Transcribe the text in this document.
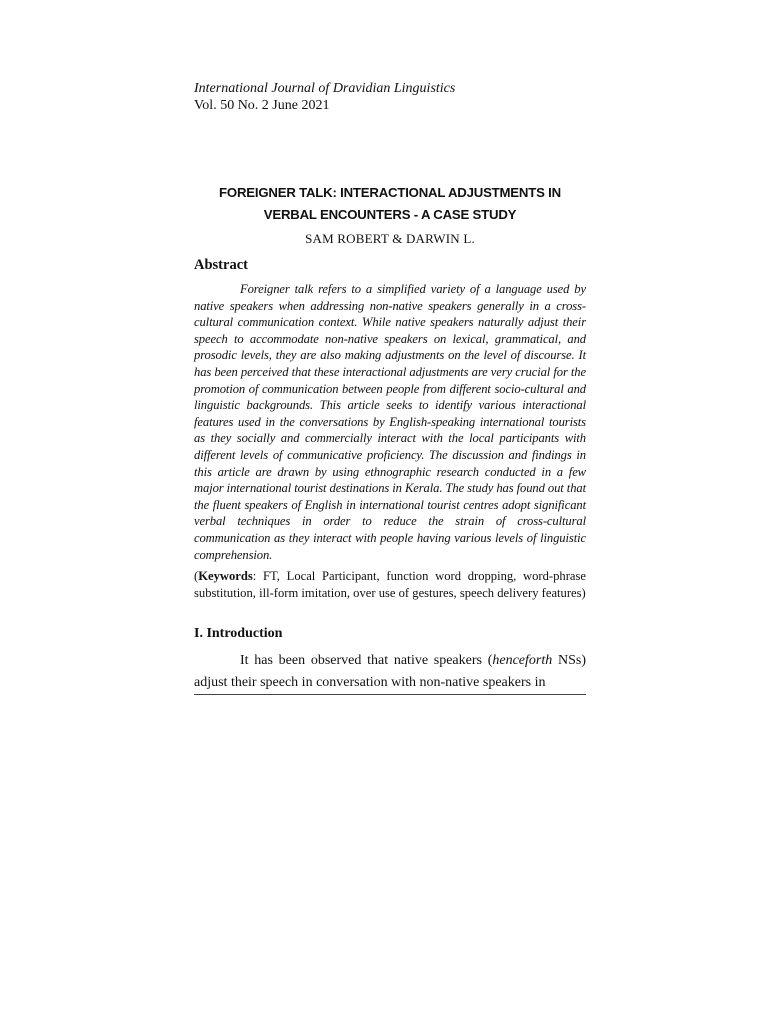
International Journal of Dravidian Linguistics
Vol. 50 No. 2 June 2021
FOREIGNER TALK: INTERACTIONAL ADJUSTMENTS IN
VERBAL ENCOUNTERS - A CASE STUDY
SAM ROBERT & DARWIN L.
Abstract
Foreigner talk refers to a simplified variety of a language used by native speakers when addressing non-native speakers generally in a cross-cultural communication context. While native speakers naturally adjust their speech to accommodate non-native speakers on lexical, grammatical, and prosodic levels, they are also making adjustments on the level of discourse. It has been perceived that these interactional adjustments are very crucial for the promotion of communication between people from different socio-cultural and linguistic backgrounds. This article seeks to identify various interactional features used in the conversations by English-speaking international tourists as they socially and commercially interact with the local participants with different levels of communicative proficiency. The discussion and findings in this article are drawn by using ethnographic research conducted in a few major international tourist destinations in Kerala. The study has found out that the fluent speakers of English in international tourist centres adopt significant verbal techniques in order to reduce the strain of cross-cultural communication as they interact with people having various levels of linguistic comprehension.
(Keywords: FT, Local Participant, function word dropping, word-phrase substitution, ill-form imitation, over use of gestures, speech delivery features)
I. Introduction
It has been observed that native speakers (henceforth NSs) adjust their speech in conversation with non-native speakers in
